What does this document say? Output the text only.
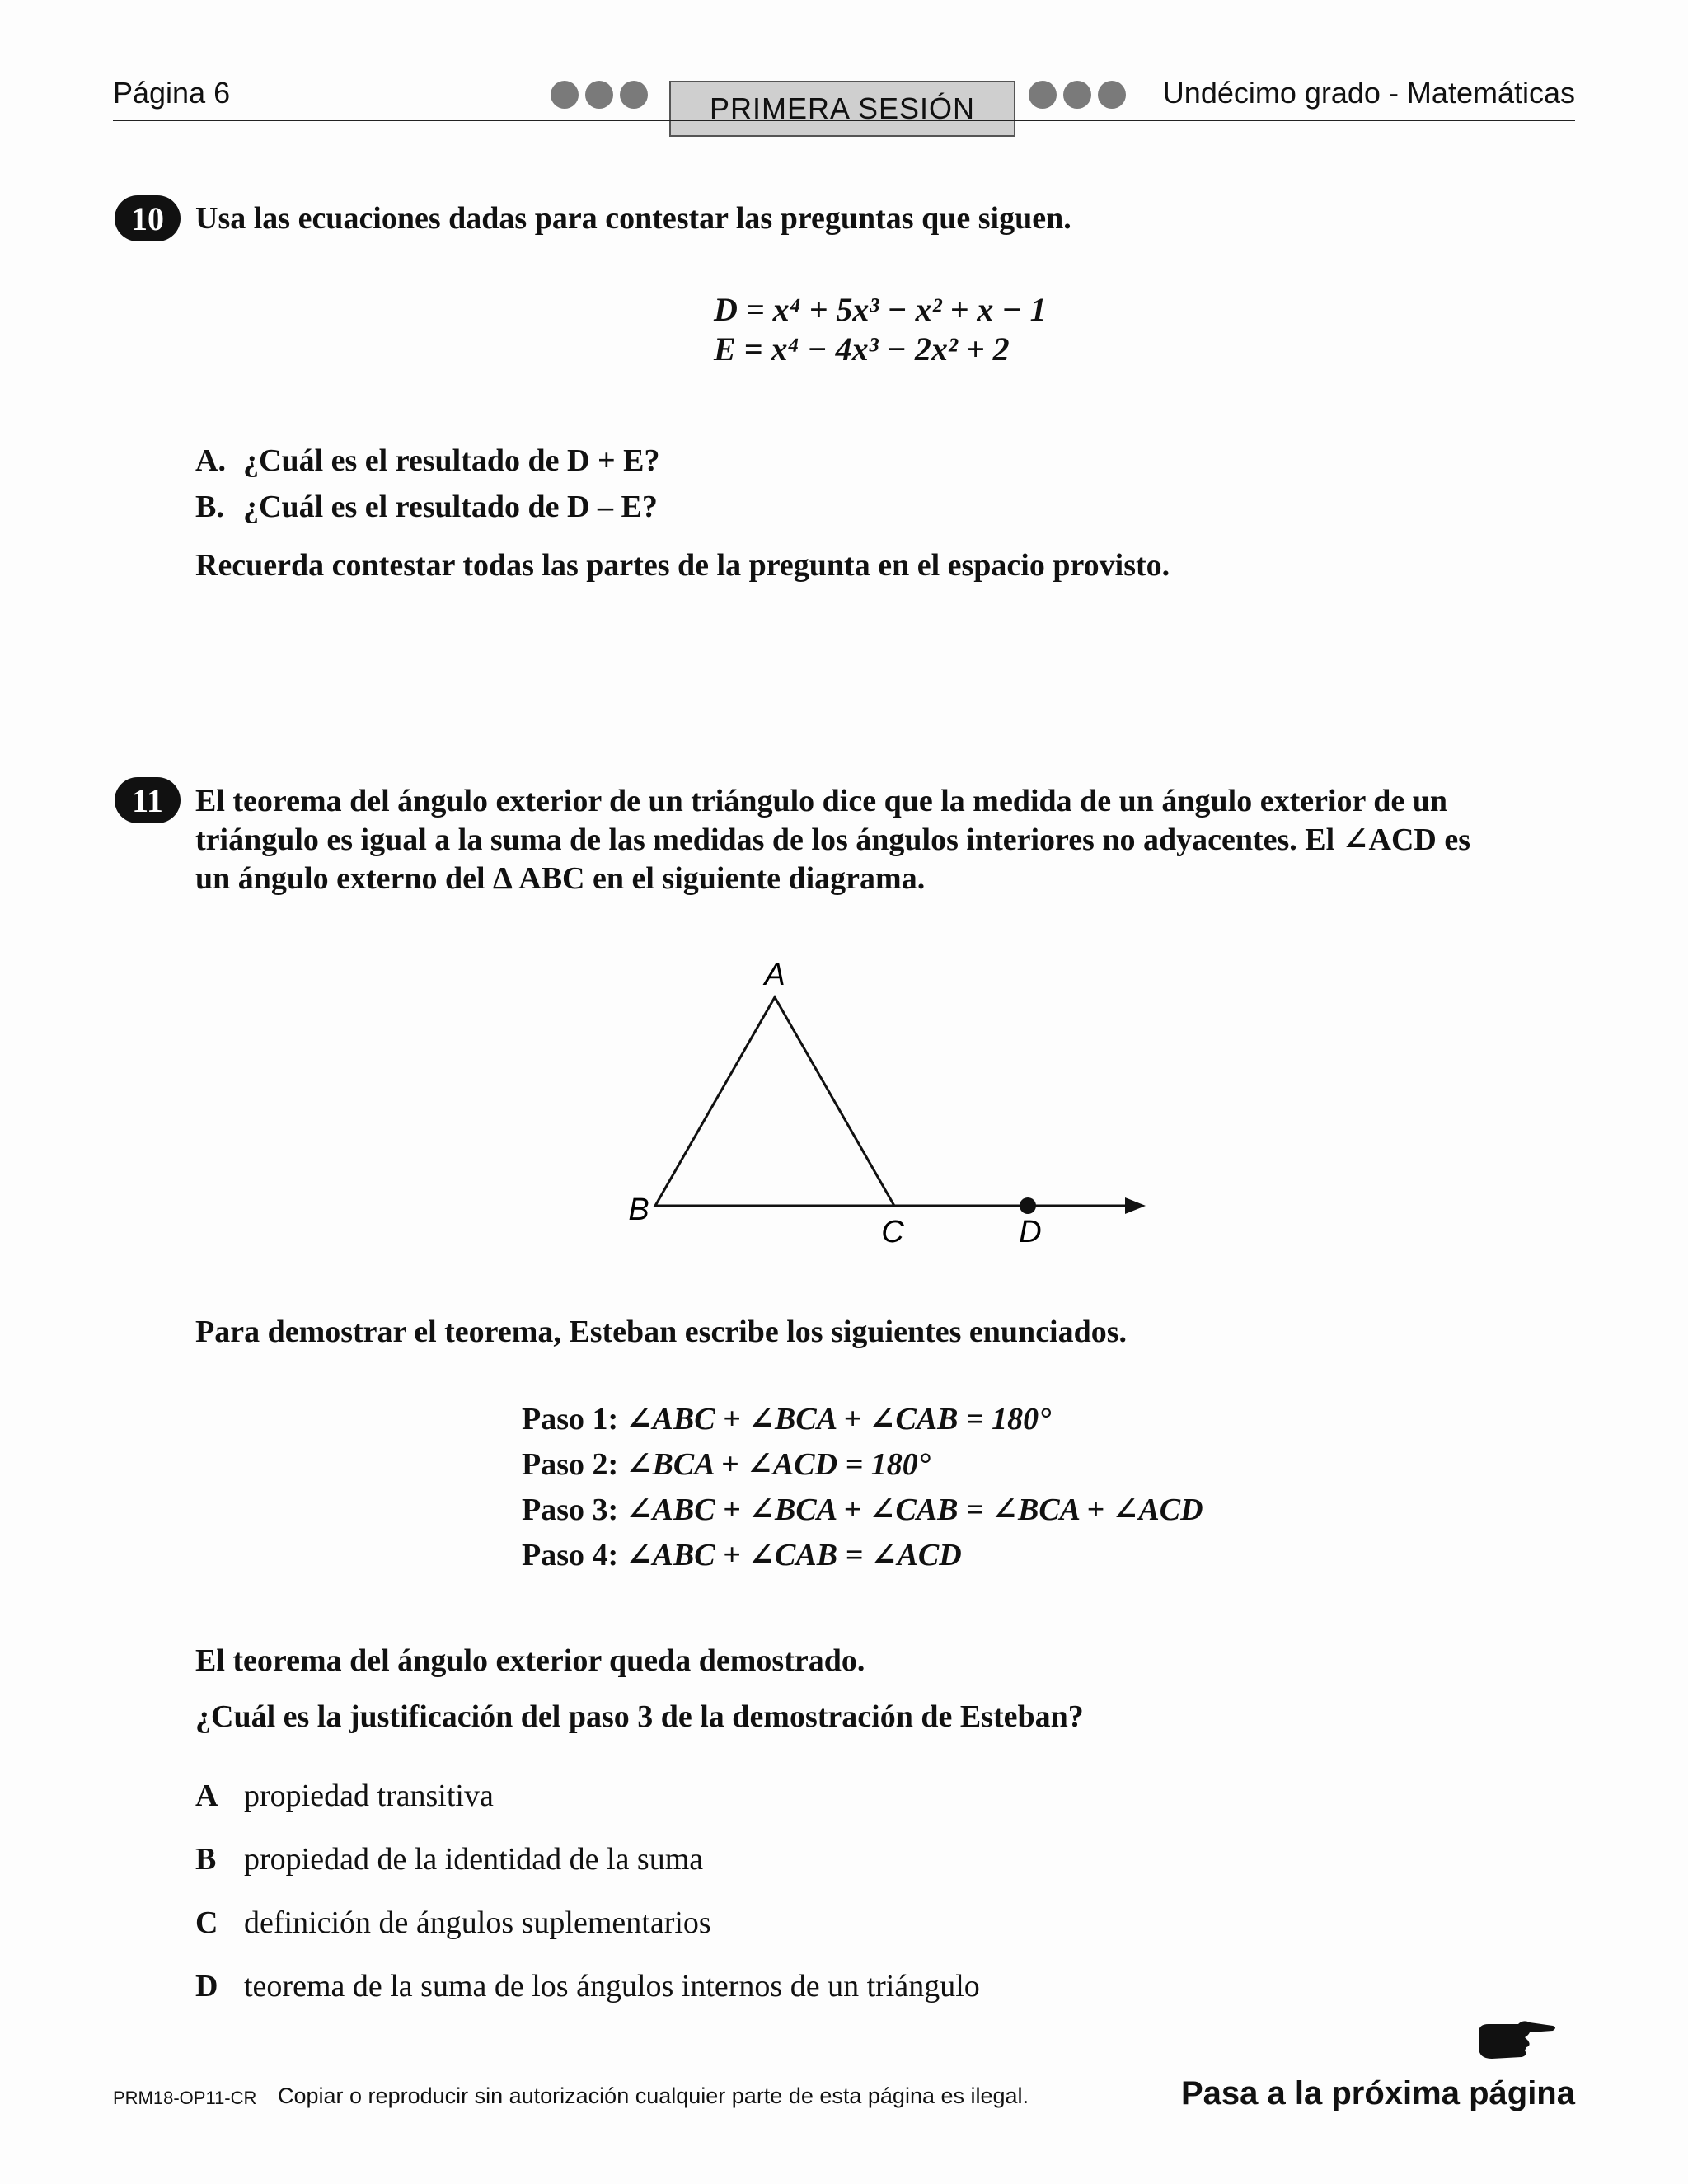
Página 6	PRIMERA SESIÓN	Undécimo grado - Matemáticas
10	Usa las ecuaciones dadas para contestar las preguntas que siguen.
D = x⁴ + 5x³ − x² + x − 1
E = x⁴ − 4x³ − 2x² + 2
A. ¿Cuál es el resultado de D + E?
B. ¿Cuál es el resultado de D – E?
Recuerda contestar todas las partes de la pregunta en el espacio provisto.
11	El teorema del ángulo exterior de un triángulo dice que la medida de un ángulo exterior de un
triángulo es igual a la suma de las medidas de los ángulos interiores no adyacentes. El ∠ACD es
un ángulo externo del Δ ABC en el siguiente diagrama.
A
B
C	D
Para demostrar el teorema, Esteban escribe los siguientes enunciados.
Paso 1: ∠ABC + ∠BCA + ∠CAB = 180°
Paso 2: ∠BCA + ∠ACD = 180°
Paso 3: ∠ABC + ∠BCA + ∠CAB = ∠BCA + ∠ACD
Paso 4: ∠ABC + ∠CAB = ∠ACD
El teorema del ángulo exterior queda demostrado.
¿Cuál es la justificación del paso 3 de la demostración de Esteban?
A propiedad transitiva
B propiedad de la identidad de la suma
C definición de ángulos suplementarios
D teorema de la suma de los ángulos internos de un triángulo
PRM18-OP11-CR Copiar o reproducir sin autorización cualquier parte de esta página es ilegal.	Pasa a la próxima página
